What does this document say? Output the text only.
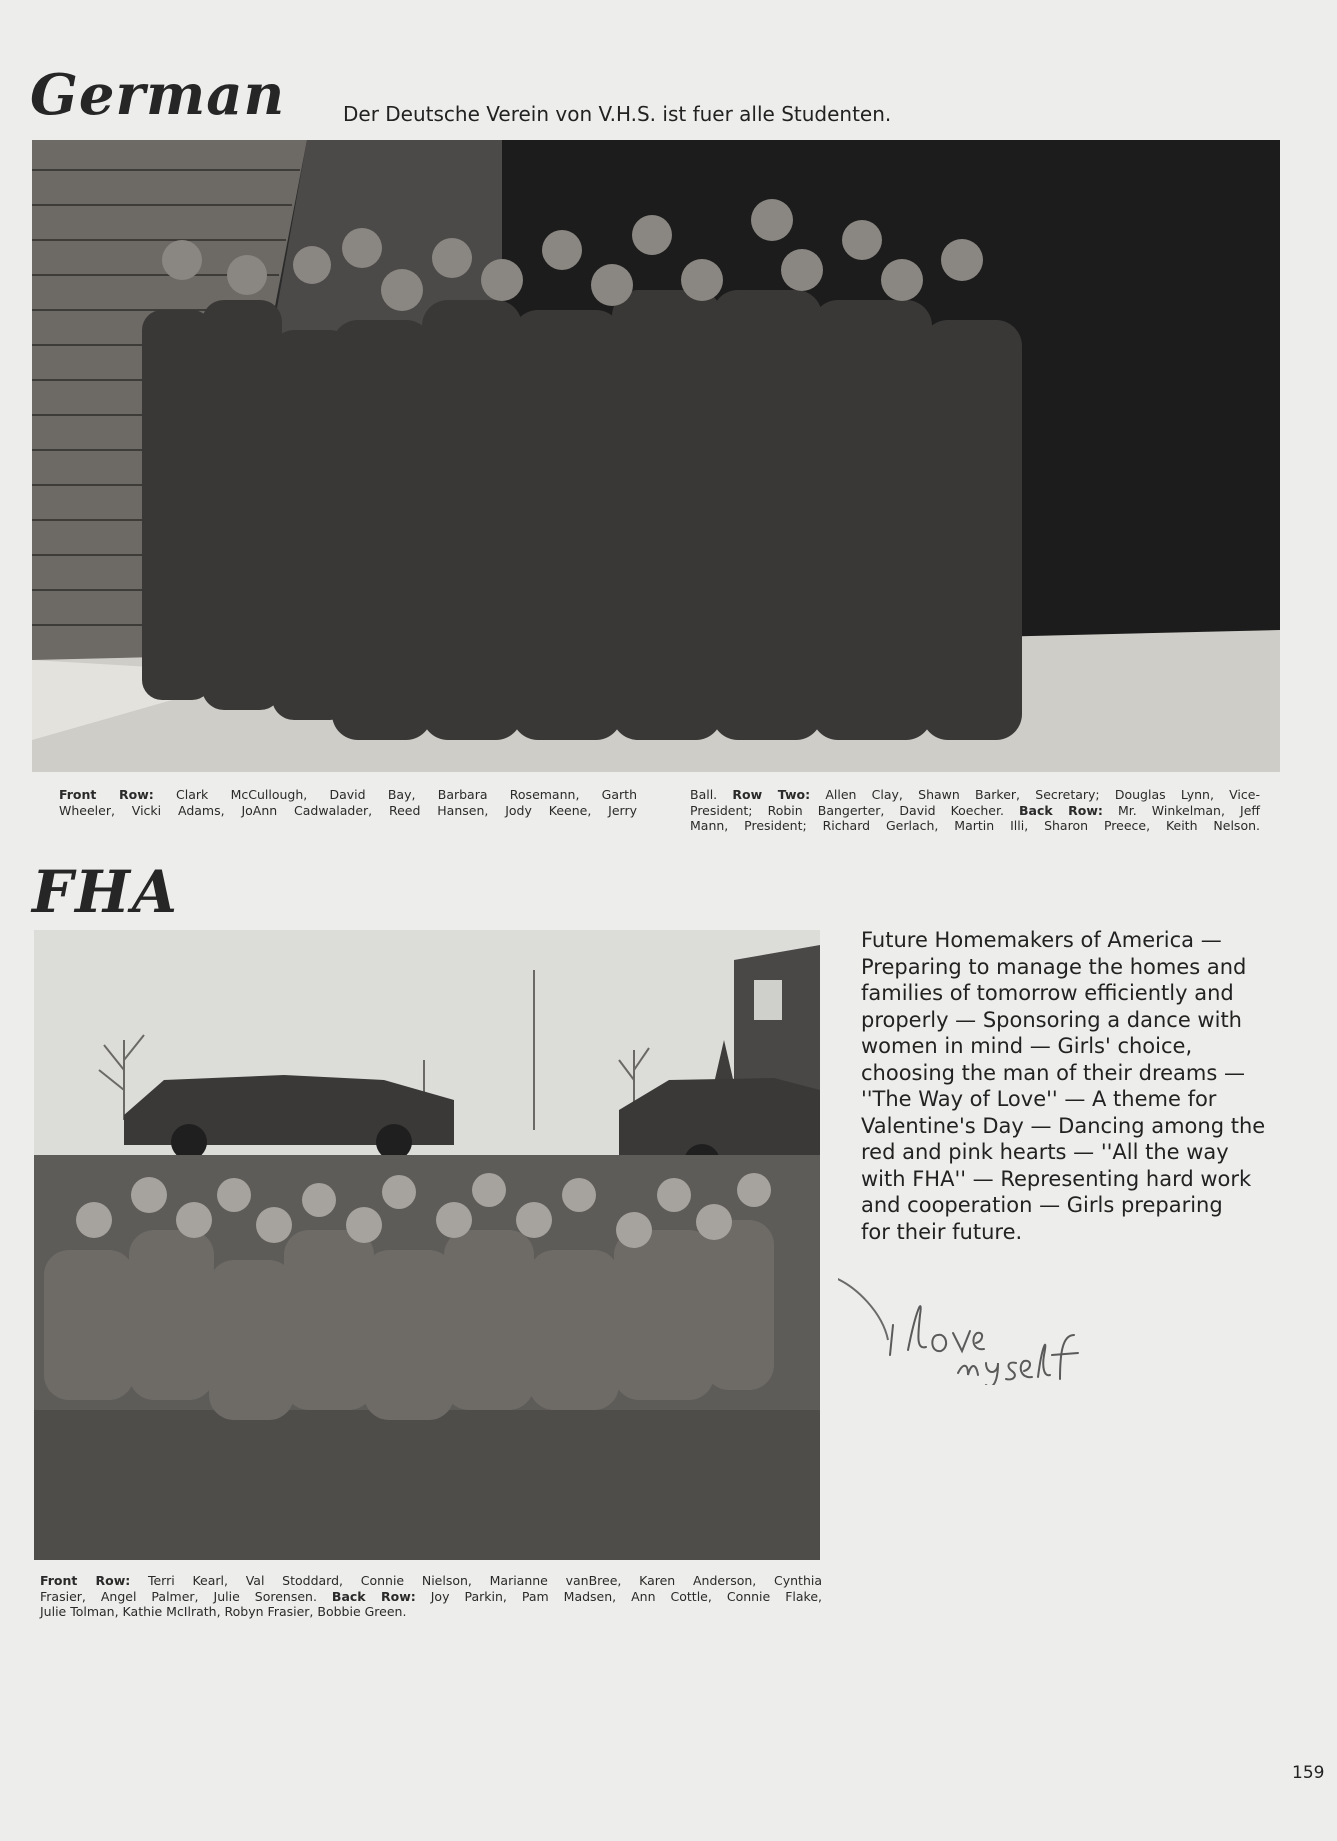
German	Der Deutsche Verein von V.H.S. ist fuer alle Studenten.
Front Row: Clark McCullough, David Bay, Barbara Rosemann, Garth
Wheeler, Vicki Adams, JoAnn Cadwalader, Reed Hansen, Jody Keene, Jerry
Ball. Row Two: Allen Clay, Shawn Barker, Secretary; Douglas Lynn, Vice-
President; Robin Bangerter, David Koecher. Back Row: Mr. Winkelman, Jeff
Mann, President; Richard Gerlach, Martin Illi, Sharon Preece, Keith Nelson.
FHA
Front Row: Terri Kearl, Val Stoddard, Connie Nielson, Marianne vanBree, Karen Anderson, Cynthia
Frasier, Angel Palmer, Julie Sorensen. Back Row: Joy Parkin, Pam Madsen, Ann Cottle, Connie Flake,
Julie Tolman, Kathie McIlrath, Robyn Frasier, Bobbie Green.
Future Homemakers of America —
Preparing to manage the homes and
families of tomorrow efficiently and
properly — Sponsoring a dance with
women in mind — Girls' choice,
choosing the man of their dreams —
''The Way of Love'' — A theme for
Valentine's Day — Dancing among the
red and pink hearts — ''All the way
with FHA'' — Representing hard work
and cooperation — Girls preparing
for their future.
159
